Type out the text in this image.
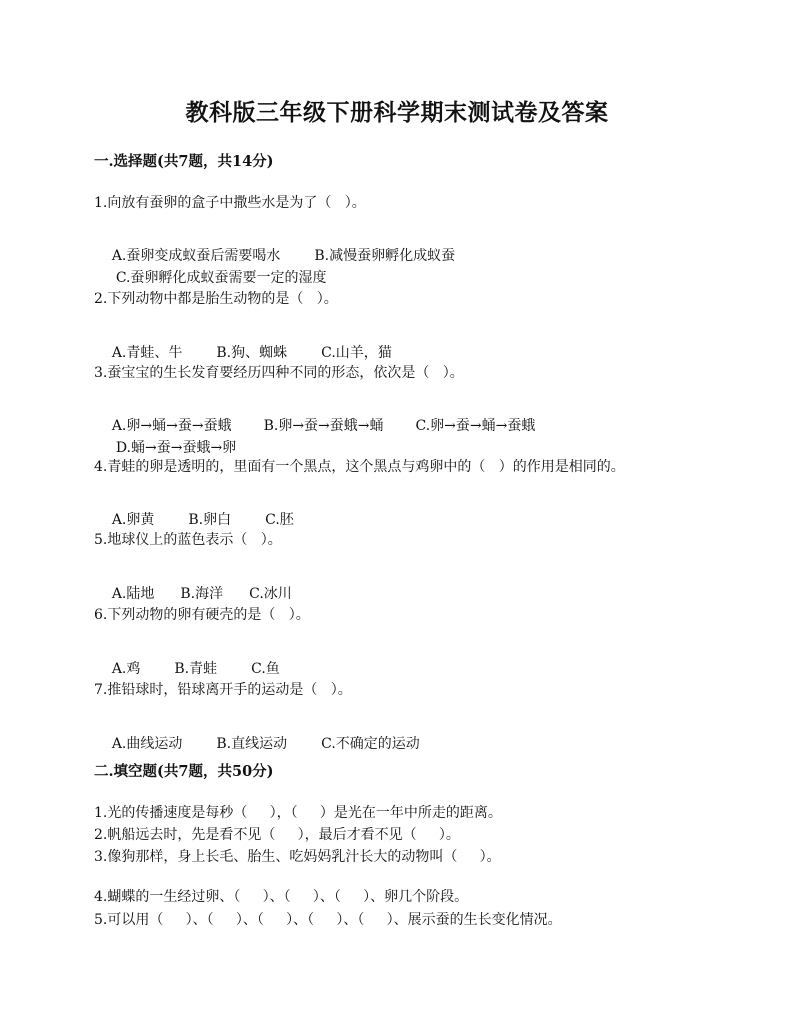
教科版三年级下册科学期末测试卷及答案
一.选择题(共7题，共14分)
1.向放有蚕卵的盒子中撒些水是为了（   ）。

A.蚕卵变成蚁蚕后需要喝水 B.减慢蚕卵孵化成蚁蚕

C.蚕卵孵化成蚁蚕需要一定的湿度

2.下列动物中都是胎生动物的是（   ）。

A.青蛙、牛 B.狗、蜘蛛 C.山羊，猫

3.蚕宝宝的生长发育要经历四种不同的形态，依次是（   ）。

A.卵→蛹→蚕→蚕蛾 B.卵→蚕→蚕蛾→蛹 C.卵→蚕→蛹→蚕蛾

D.蛹→蚕→蚕蛾→卵

4.青蛙的卵是透明的，里面有一个黑点，这个黑点与鸡卵中的（   ）的作用是相同的。

A.卵黄 B.卵白 C.胚

5.地球仪上的蓝色表示（   ）。

A.陆地 B.海洋 C.冰川

6.下列动物的卵有硬壳的是（   ）。

A.鸡 B.青蛙 C.鱼

7.推铅球时，铅球离开手的运动是（   ）。

A.曲线运动 B.直线运动 C.不确定的运动

二.填空题(共7题，共50分)
1.光的传播速度是每秒（     ），（     ）是光在一年中所走的距离。
2.帆船远去时，先是看不见（     ），最后才看不见（     ）。
3.像狗那样，身上长毛、胎生、吃妈妈乳汁长大的动物叫（     ）。
4.蝴蝶的一生经过卵、（     ）、（     ）、（     ）、卵几个阶段。
5.可以用（     ）、（     ）、（     ）、（     ）、（     ）、展示蚕的生长变化情况。
